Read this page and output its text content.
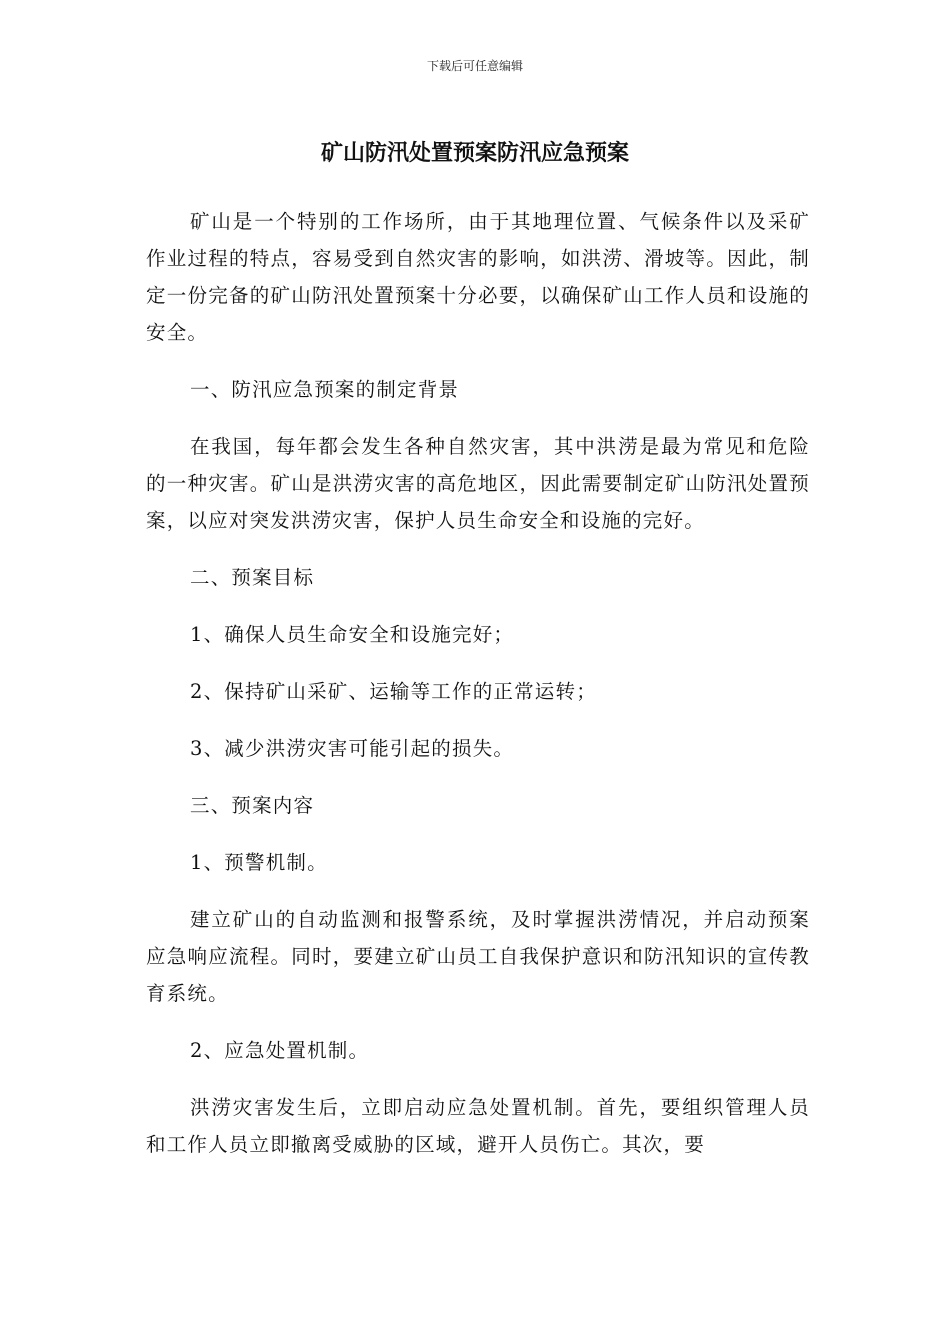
下载后可任意编辑
矿山防汛处置预案防汛应急预案

矿山是一个特别的工作场所，由于其地理位置、气候条件以及采矿作业过程的特点，容易受到自然灾害的影响，如洪涝、滑坡等。因此，制定一份完备的矿山防汛处置预案十分必要，以确保矿山工作人员和设施的安全。

一、防汛应急预案的制定背景

在我国，每年都会发生各种自然灾害，其中洪涝是最为常见和危险的一种灾害。矿山是洪涝灾害的高危地区，因此需要制定矿山防汛处置预案，以应对突发洪涝灾害，保护人员生命安全和设施的完好。

二、预案目标

1、确保人员生命安全和设施完好；

2、保持矿山采矿、运输等工作的正常运转；

3、减少洪涝灾害可能引起的损失。

三、预案内容

1、预警机制。

建立矿山的自动监测和报警系统，及时掌握洪涝情况，并启动预案应急响应流程。同时，要建立矿山员工自我保护意识和防汛知识的宣传教育系统。

2、应急处置机制。

洪涝灾害发生后，立即启动应急处置机制。首先，要组织管理人员和工作人员立即撤离受威胁的区域，避开人员伤亡。其次，要
